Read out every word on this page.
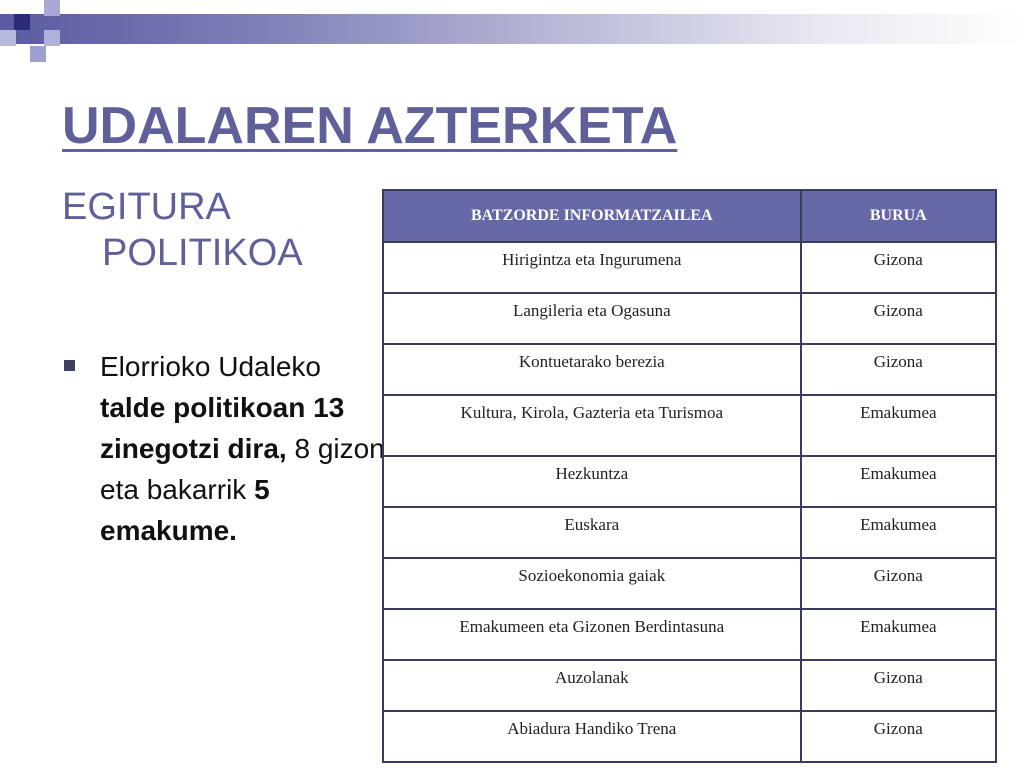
UDALAREN AZTERKETA
EGITURA
POLITIKOA
Elorrioko Udaleko talde politikoan 13 zinegotzi dira, 8 gizon eta bakarrik 5 emakume.
BATZORDE INFORMATZAILEA	BURUA
Hirigintza eta Ingurumena	Gizona
Langileria eta Ogasuna	Gizona
Kontuetarako berezia	Gizona
Kultura, Kirola, Gazteria eta Turismoa	Emakumea
Hezkuntza	Emakumea
Euskara	Emakumea
Sozioekonomia gaiak	Gizona
Emakumeen eta Gizonen Berdintasuna	Emakumea
Auzolanak	Gizona
Abiadura Handiko Trena	Gizona
